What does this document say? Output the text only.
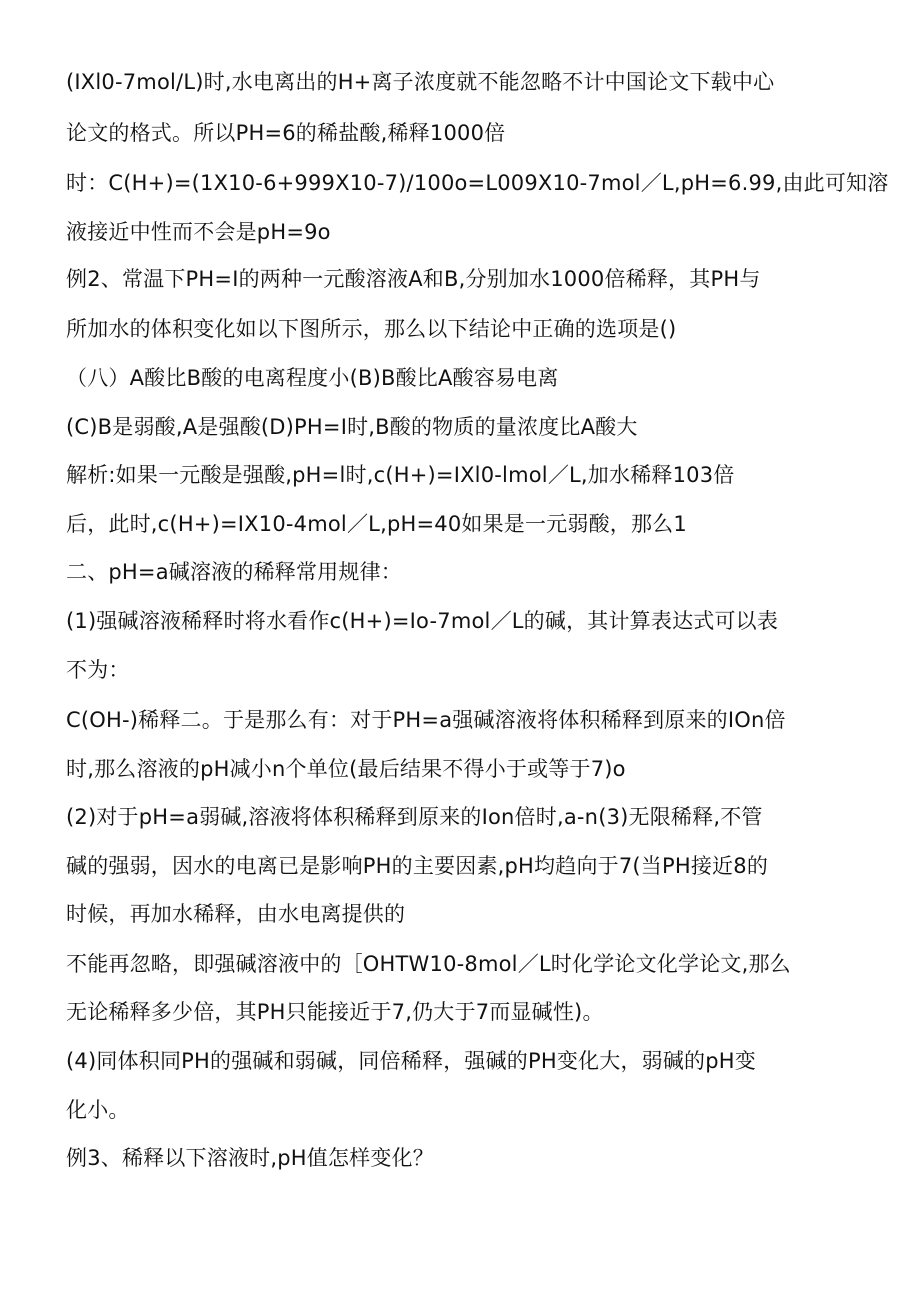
(IXl0-7mol/L)时,水电离出的H+离子浓度就不能忽略不计中国论文下载中心
论文的格式。所以PH=6的稀盐酸,稀释1000倍
时：C(H+)=(1X10-6+999X10-7)/100o=L009X10-7mol／L,pH=6.99,由此可知溶
液接近中性而不会是pH=9o
例2、常温下PH=I的两种一元酸溶液A和B,分别加水1000倍稀释，其PH与
所加水的体积变化如以下图所示，那么以下结论中正确的选项是()
（八）A酸比B酸的电离程度小(B)B酸比A酸容易电离
(C)B是弱酸,A是强酸(D)PH=I时,B酸的物质的量浓度比A酸大
解析:如果一元酸是强酸,pH=l时,c(H+)=IXl0-lmol／L,加水稀释103倍
后，此时,c(H+)=IX10-4mol／L,pH=40如果是一元弱酸，那么1
二、pH=a碱溶液的稀释常用规律：
(1)强碱溶液稀释时将水看作c(H+)=Io-7mol／L的碱，其计算表达式可以表
不为：
C(OH-)稀释二。于是那么有：对于PH=a强碱溶液将体积稀释到原来的IOn倍
时,那么溶液的pH减小n个单位(最后结果不得小于或等于7)o
(2)对于pH=a弱碱,溶液将体积稀释到原来的Ion倍时,a-n(3)无限稀释,不管
碱的强弱，因水的电离已是影响PH的主要因素,pH均趋向于7(当PH接近8的
时候，再加水稀释，由水电离提供的
不能再忽略，即强碱溶液中的［OHTW10-8mol／L时化学论文化学论文,那么
无论稀释多少倍，其PH只能接近于7,仍大于7而显碱性)。
(4)同体积同PH的强碱和弱碱，同倍稀释，强碱的PH变化大，弱碱的pH变
化小。
例3、稀释以下溶液时,pH值怎样变化？
